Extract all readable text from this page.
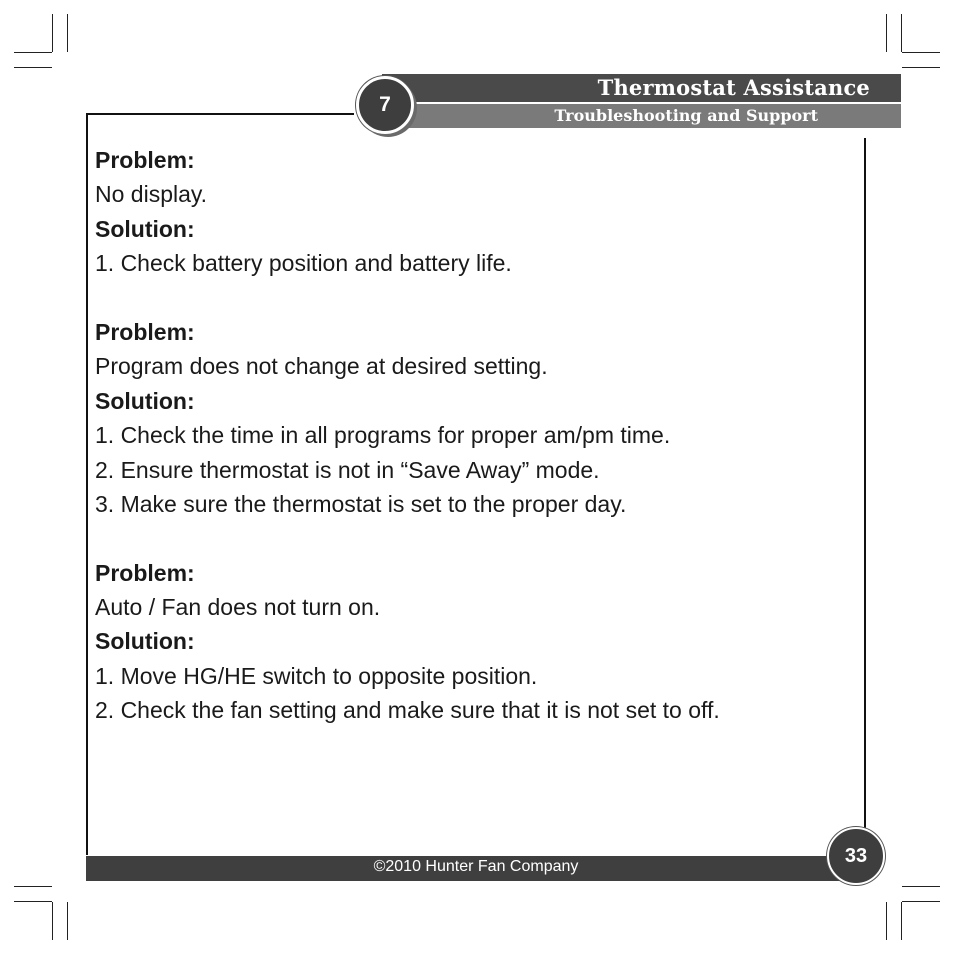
Thermostat Assistance
Troubleshooting and Support
7
Problem:
No display.
Solution:
1. Check battery position and battery life.
Problem:
Program does not change at desired setting.
Solution:
1. Check the time in all programs for proper am/pm time.
2. Ensure thermostat is not in “Save Away” mode.
3. Make sure the thermostat is set to the proper day.
Problem:
Auto / Fan does not turn on.
Solution:
1. Move HG/HE switch to opposite position.
2. Check the fan setting and make sure that it is not set to off.
©2010 Hunter Fan Company	33
